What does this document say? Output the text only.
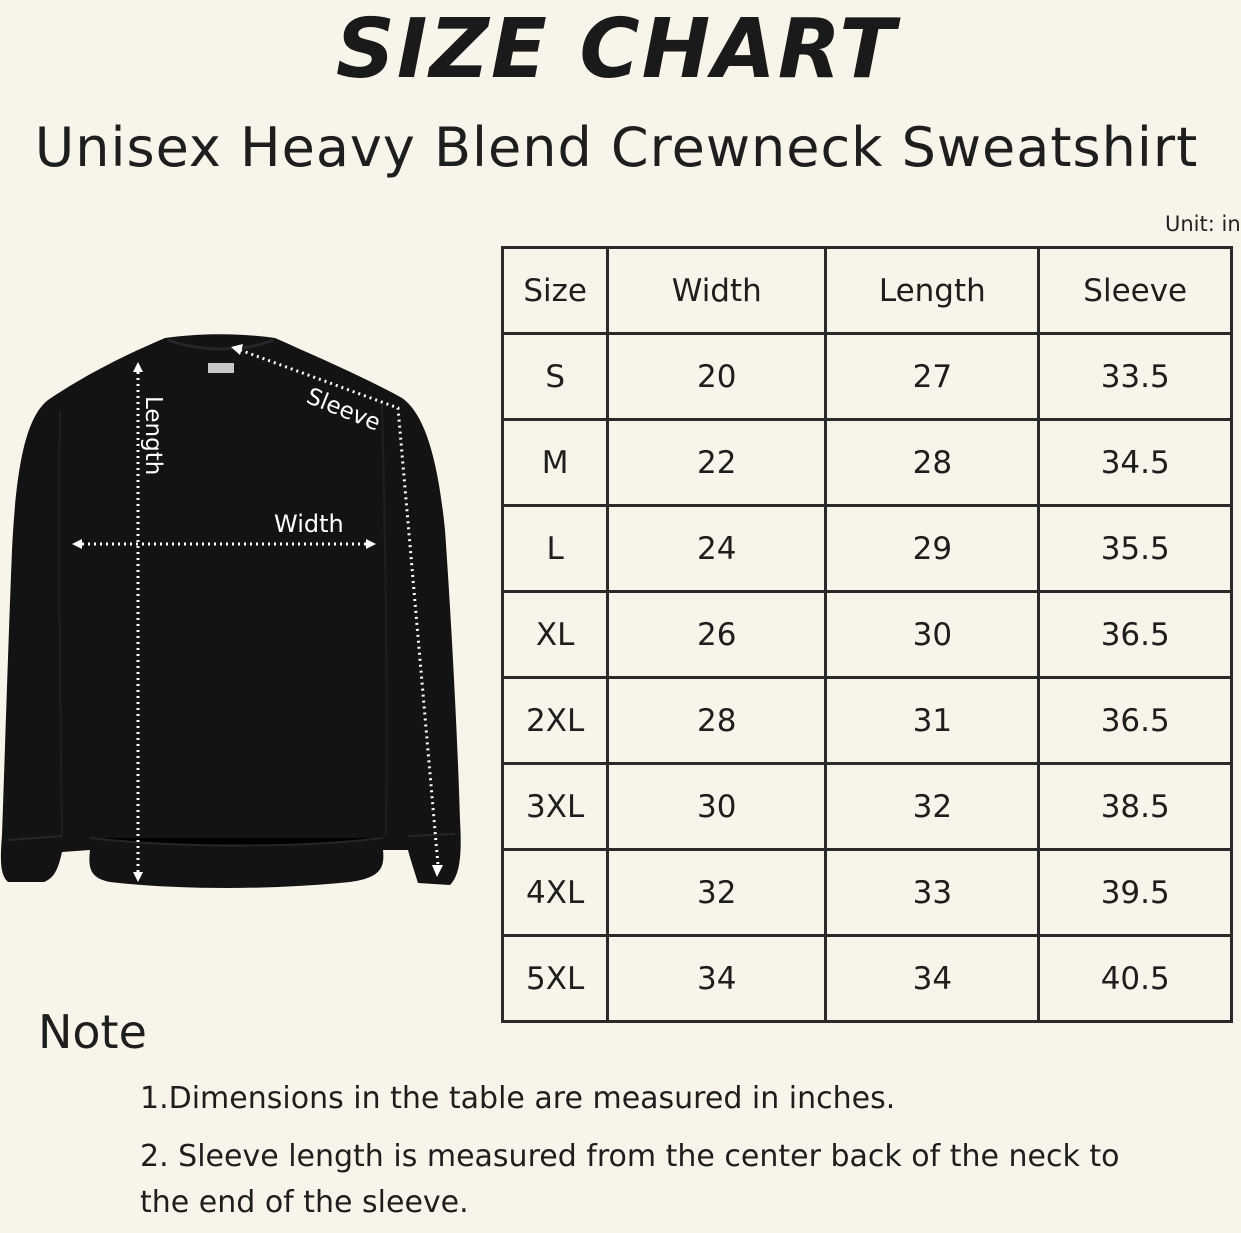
SIZE CHART
Unisex Heavy Blend Crewneck Sweatshirt
Unit: in
Length	Sleeve
Width
Size	Width	Length	Sleeve
S	20	27	33.5
M	22	28	34.5
L	24	29	35.5
XL	26	30	36.5
2XL	28	31	36.5
3XL	30	32	38.5
4XL	32	33	39.5
5XL	34	34	40.5
Note
1.Dimensions in the table are measured in inches.
2. Sleeve length is measured from the center back of the neck to the end of the sleeve.
